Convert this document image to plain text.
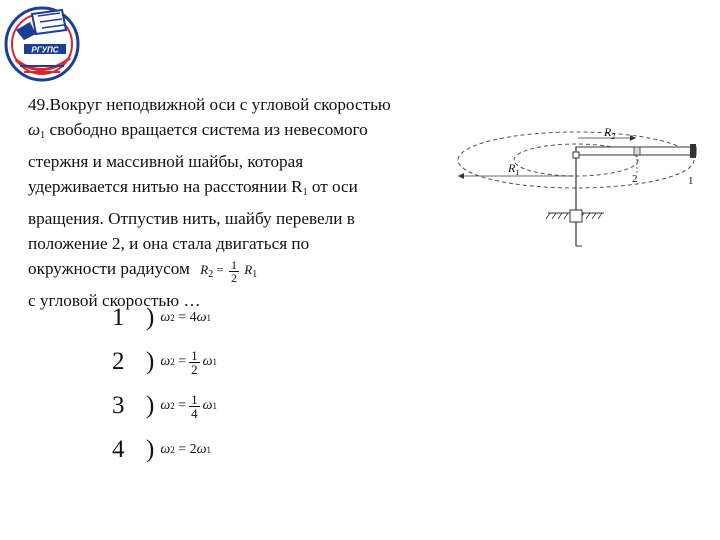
РГУПС
49.Вокруг неподвижной оси с угловой скоростью
$\omega_1$ свободно вращается система из невесомого
стержня и массивной шайбы, которая
удерживается нитью на расстоянии $R_1$ от оси
вращения. Отпустив нить, шайбу перевели в
положение 2, и она стала двигаться по
окружности радиусом $R_2 = \frac{1}{2} R_1$
с угловой скоростью …
$R_2$
$R_1$
2	1
1 ) ω 2
=
4 ω 1
2 ) ω 2
= $\frac{1}{2}$ ω 1
3 ) ω 2
= $\frac{1}{4}$ ω 1
4 ) ω 2
=
2 ω 1
